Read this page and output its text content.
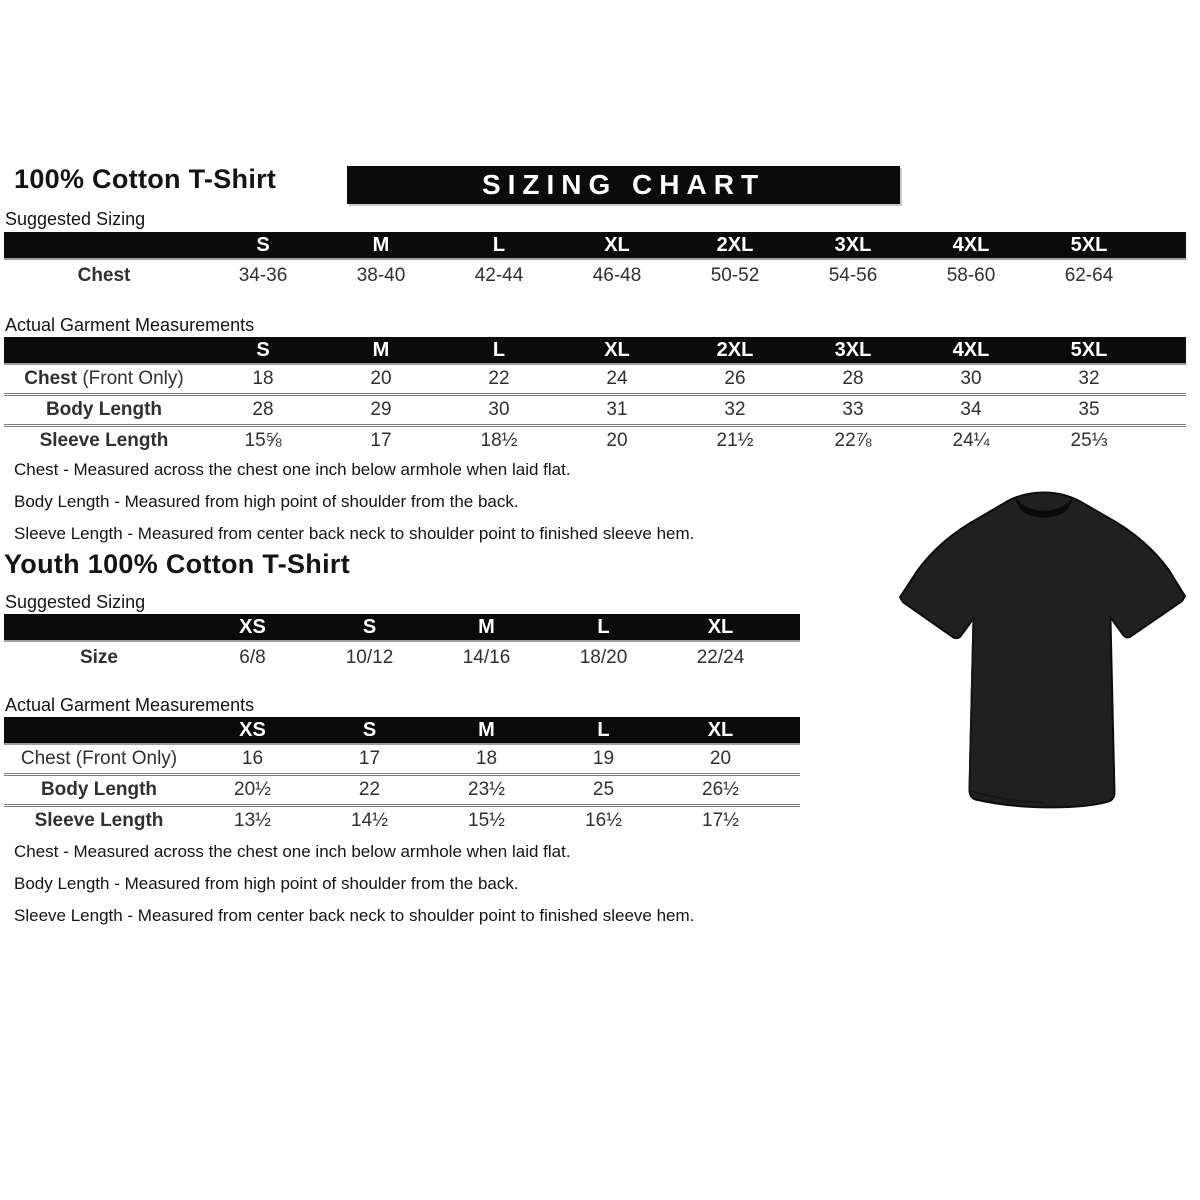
100% Cotton T-Shirt	SIZING CHART
Suggested Sizing
	S	M	L	XL	2XL	3XL	4XL	5XL	
Chest	34-36	38-40	42-44	46-48	50-52	54-56	58-60	62-64	
Actual Garment Measurements
	S	M	L	XL	2XL	3XL	4XL	5XL	
Chest (Front Only)	18	20	22	24	26	28	30	32	
Body Length	28	29	30	31	32	33	34	35	
Sleeve Length	15⅝	17	18½	20	21½	22⅞	24¼	25⅓	

Chest - Measured across the chest one inch below armhole when laid flat.

Body Length - Measured from high point of shoulder from the back.

Sleeve Length - Measured from center back neck to shoulder point to finished sleeve hem.

Youth 100% Cotton T-Shirt
Suggested Sizing
	XS	S	M	L	XL	
Size	6/8	10/12	14/16	18/20	22/24	
Actual Garment Measurements
	XS	S	M	L	XL	
Chest (Front Only)	16	17	18	19	20	
Body Length	20½	22	23½	25	26½	
Sleeve Length	13½	14½	15½	16½	17½	

Chest - Measured across the chest one inch below armhole when laid flat.

Body Length - Measured from high point of shoulder from the back.

Sleeve Length - Measured from center back neck to shoulder point to finished sleeve hem.
